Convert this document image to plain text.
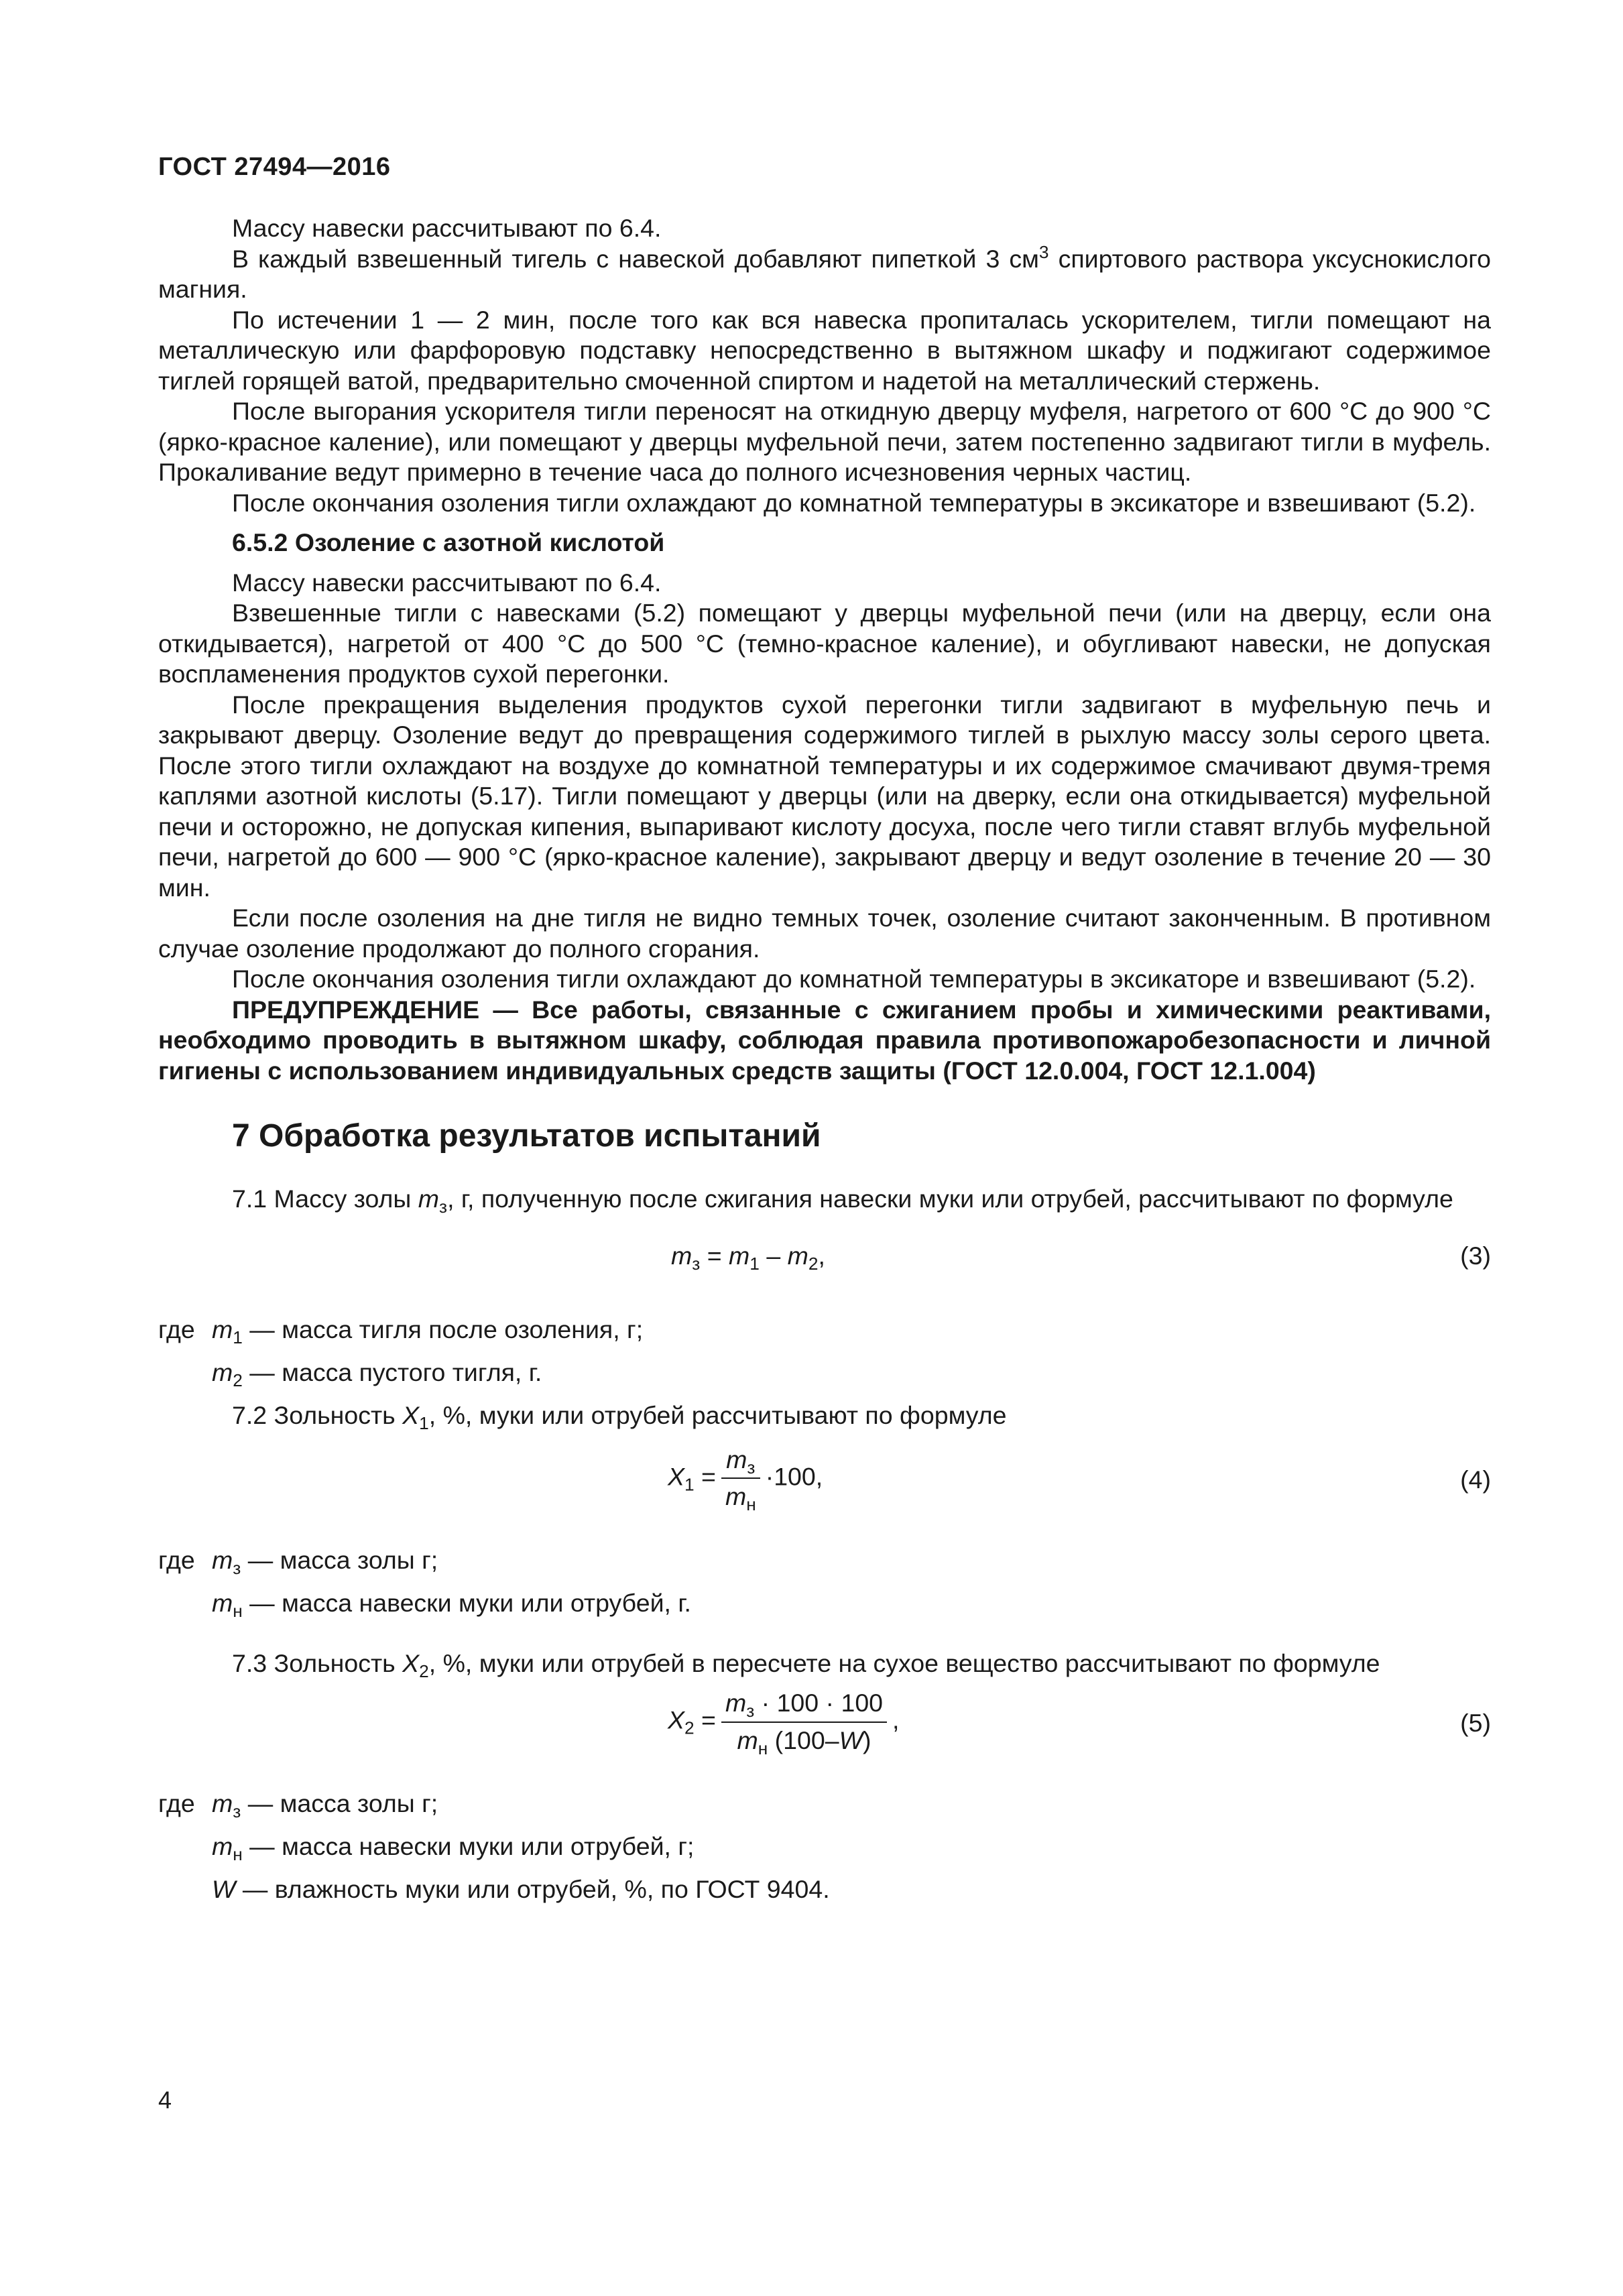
ГОСТ 27494—2016

Массу навески рассчитывают по 6.4.

В каждый взвешенный тигель с навеской добавляют пипеткой 3 $см^3$ спиртового раствора уксуснокислого магния.

По истечении 1 — 2 мин, после того как вся навеска пропиталась ускорителем, тигли помещают на металлическую или фарфоровую подставку непосредственно в вытяжном шкафу и поджигают содержимое тиглей горящей ватой, предварительно смоченной спиртом и надетой на металлический стержень.

После выгорания ускорителя тигли переносят на откидную дверцу муфеля, нагретого от 600 °С до 900 °С (ярко-красное каление), или помещают у дверцы муфельной печи, затем постепенно задвигают тигли в муфель. Прокаливание ведут примерно в течение часа до полного исчезновения черных частиц.

После окончания озоления тигли охлаждают до комнатной температуры в эксикаторе и взвешивают (5.2).

6.5.2 Озоление с азотной кислотой

Массу навески рассчитывают по 6.4.

Взвешенные тигли с навесками (5.2) помещают у дверцы муфельной печи (или на дверцу, если она откидывается), нагретой от 400 °С до 500 °С (темно-красное каление), и обугливают навески, не допуская воспламенения продуктов сухой перегонки.

После прекращения выделения продуктов сухой перегонки тигли задвигают в муфельную печь и закрывают дверцу. Озоление ведут до превращения содержимого тиглей в рыхлую массу золы серого цвета. После этого тигли охлаждают на воздухе до комнатной температуры и их содержимое смачивают двумя-тремя каплями азотной кислоты (5.17). Тигли помещают у дверцы (или на дверку, если она откидывается) муфельной печи и осторожно, не допуская кипения, выпаривают кислоту досуха, после чего тигли ставят вглубь муфельной печи, нагретой до 600 — 900 °С (ярко-красное каление), закрывают дверцу и ведут озоление в течение 20 — 30 мин.

Если после озоления на дне тигля не видно темных точек, озоление считают законченным. В противном случае озоление продолжают до полного сгорания.

После окончания озоления тигли охлаждают до комнатной температуры в эксикаторе и взвешивают (5.2).

ПРЕДУПРЕЖДЕНИЕ — Все работы, связанные с сжиганием пробы и химическими реактивами, необходимо проводить в вытяжном шкафу, соблюдая правила противопожаробезопасности и личной гигиены с использованием индивидуальных средств защиты (ГОСТ 12.0.004, ГОСТ 12.1.004)

7 Обработка результатов испытаний

7.1 Массу золы $m_з$, г, полученную после сжигания навески муки или отрубей, рассчитывают по формуле

$m_з = m_1 - m_2$,	(3)
где $m_1$ — масса тигля после озоления, г;
$m_2$ — масса пустого тигля, г.

7.2 Зольность $X_1$, %, муки или отрубей рассчитывают по формуле

$X_1 = \frac{m_з}{m_н} \cdot 100$,	(4)
где $m_з$ — масса золы г;
$m_н$ — масса навески муки или отрубей, г.

7.3 Зольность $X_2$, %, муки или отрубей в пересчете на сухое вещество рассчитывают по формуле

$X_2 = \frac{m_з \cdot 100 \cdot 100}{m_н (100-W)}$ ,	(5)
где $m_з$ — масса золы г;
$m_н$ — масса навески муки или отрубей, г;
W — влажность муки или отрубей, %, по ГОСТ 9404.
4
